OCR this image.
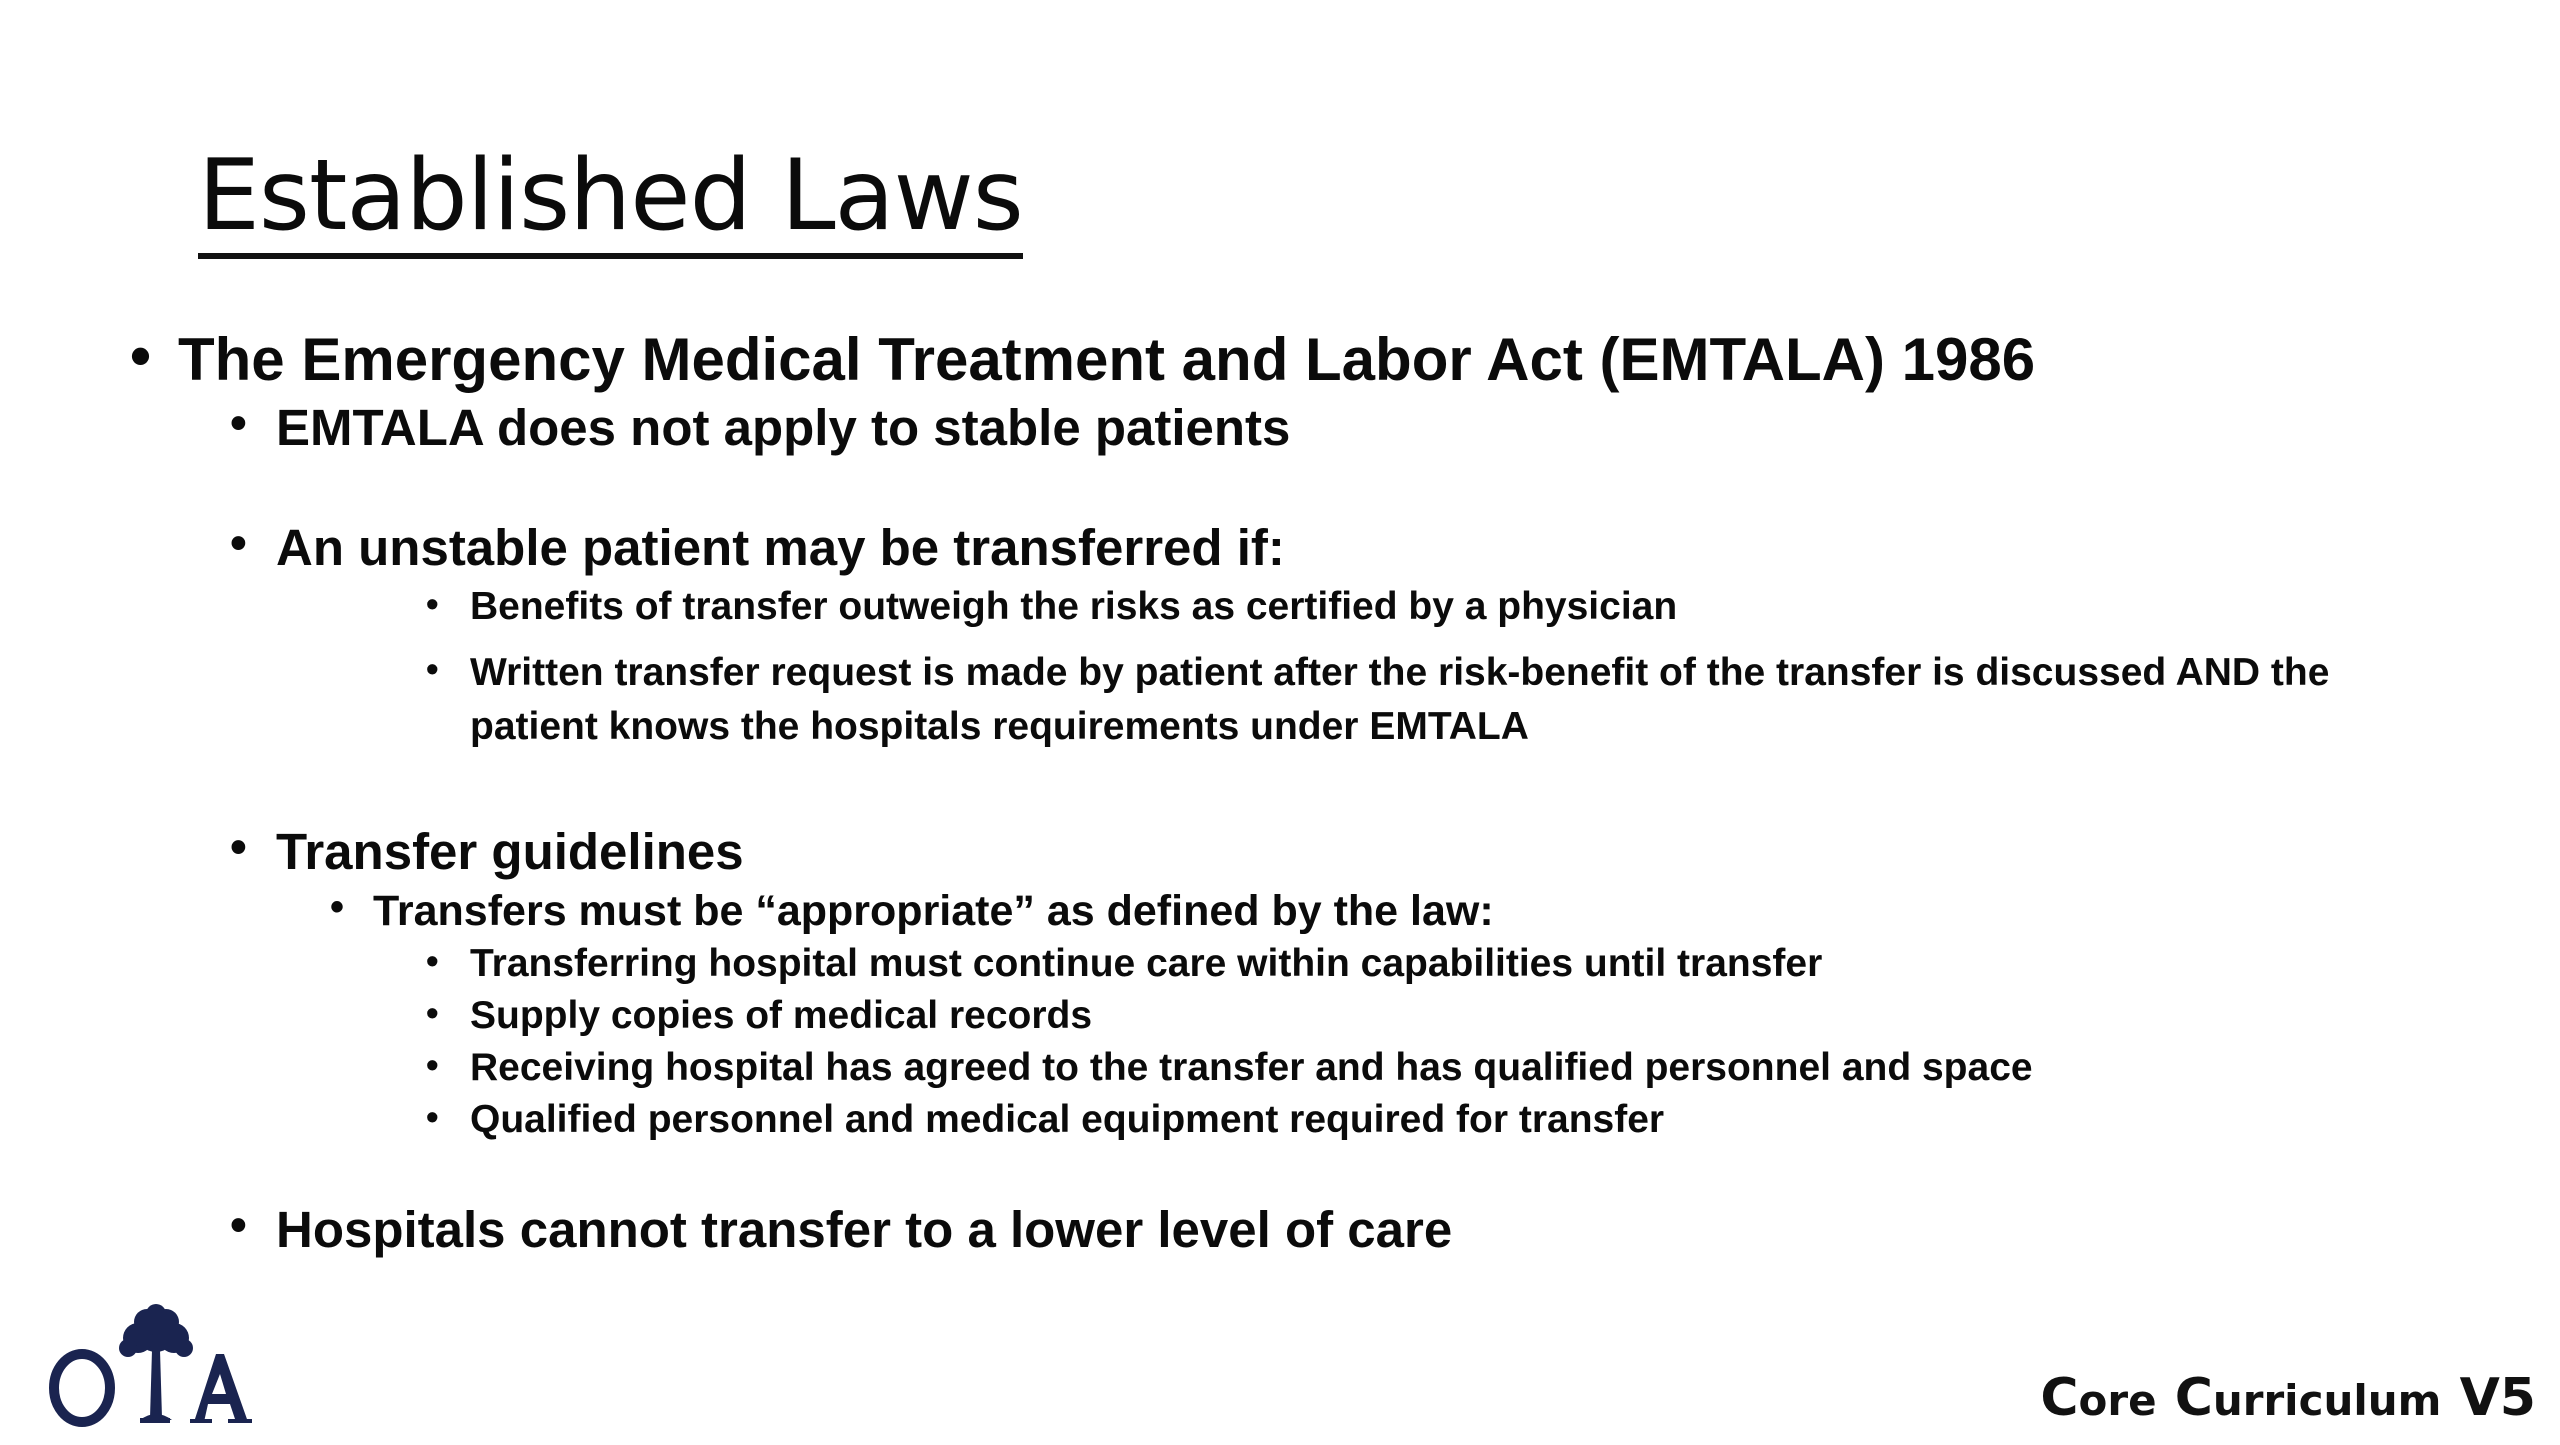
Established Laws
• The Emergency Medical Treatment and Labor Act (EMTALA) 1986
• EMTALA does not apply to stable patients
• An unstable patient may be transferred if:
• Benefits of transfer outweigh the risks as certified by a physician
• Written transfer request is made by patient after the risk-benefit of the transfer is discussed AND the patient knows the hospitals requirements under EMTALA
• Transfer guidelines
• Transfers must be “appropriate” as defined by the law:
• Transferring hospital must continue care within capabilities until transfer
• Supply copies of medical records
• Receiving hospital has agreed to the transfer and has qualified personnel and space
• Qualified personnel and medical equipment required for transfer
• Hospitals cannot transfer to a lower level of care
Core Curriculum V5
